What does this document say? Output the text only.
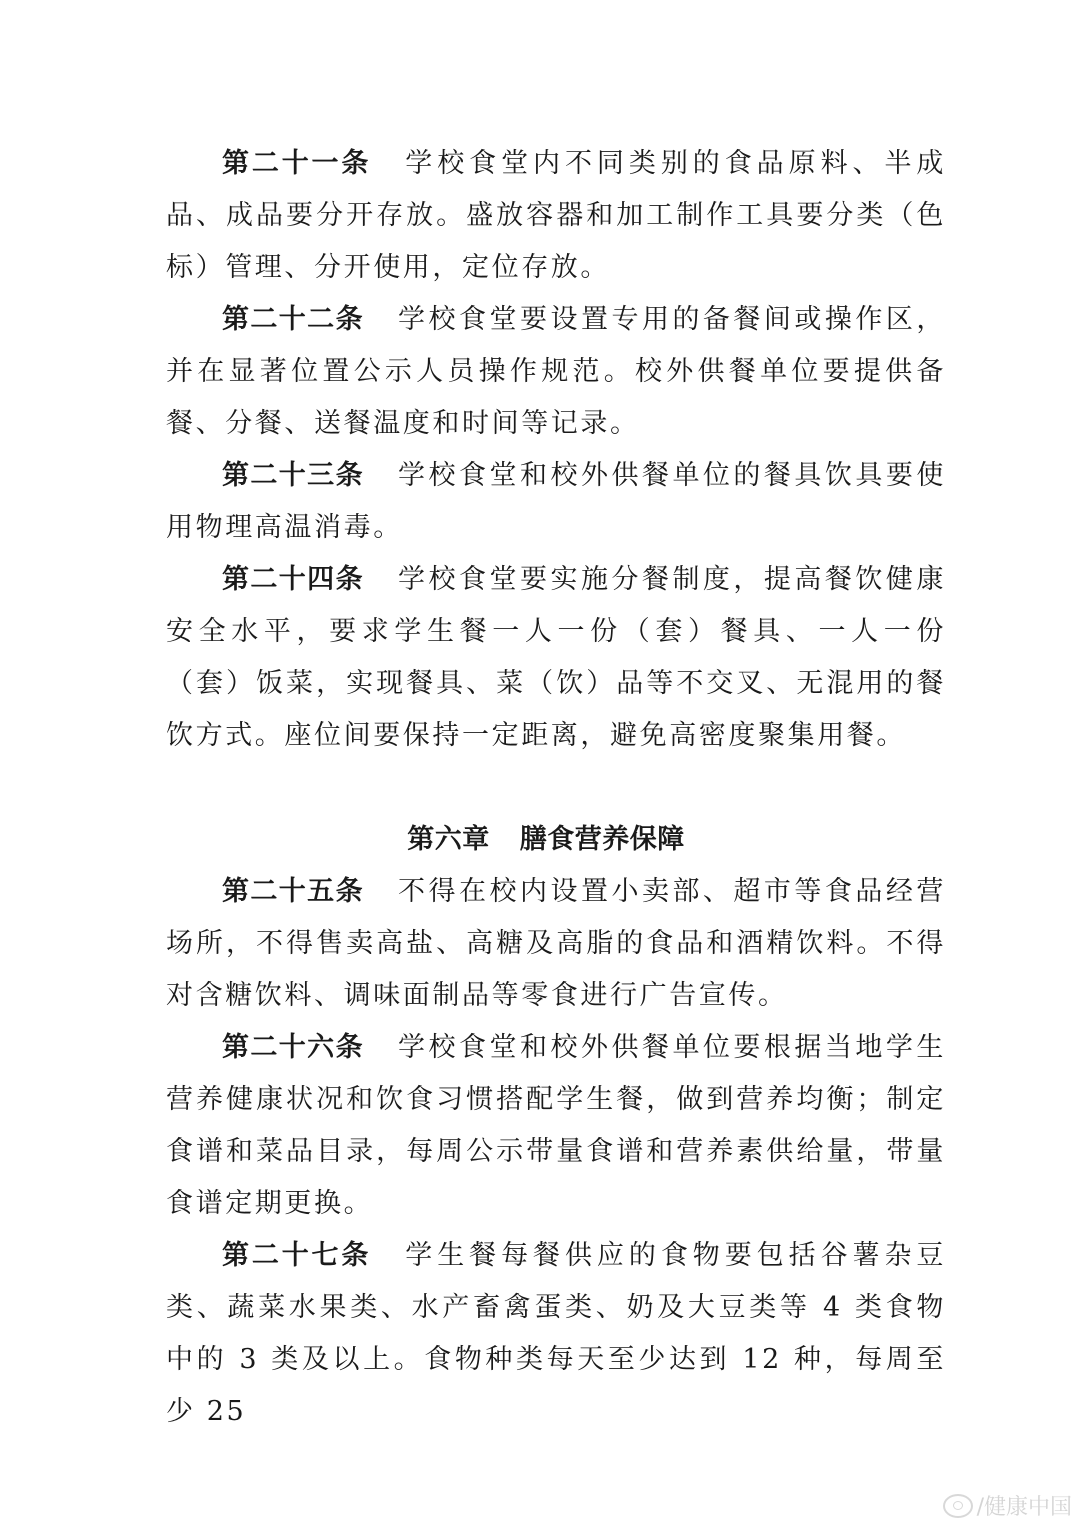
第二十一条 学校食堂内不同类别的食品原料、半成品、成品要分开存放。盛放容器和加工制作工具要分类（色标）管理、分开使用，定位存放。

第二十二条 学校食堂要设置专用的备餐间或操作区，并在显著位置公示人员操作规范。校外供餐单位要提供备餐、分餐、送餐温度和时间等记录。

第二十三条 学校食堂和校外供餐单位的餐具饮具要使用物理高温消毒。

第二十四条 学校食堂要实施分餐制度，提高餐饮健康安全水平，要求学生餐一人一份（套）餐具、一人一份（套）饭菜，实现餐具、菜（饮）品等不交叉、无混用的餐饮方式。座位间要保持一定距离，避免高密度聚集用餐。

第六章 膳食营养保障

第二十五条 不得在校内设置小卖部、超市等食品经营场所，不得售卖高盐、高糖及高脂的食品和酒精饮料。不得对含糖饮料、调味面制品等零食进行广告宣传。

第二十六条 学校食堂和校外供餐单位要根据当地学生营养健康状况和饮食习惯搭配学生餐，做到营养均衡；制定食谱和菜品目录，每周公示带量食谱和营养素供给量，带量食谱定期更换。

第二十七条 学生餐每餐供应的食物要包括谷薯杂豆类、蔬菜水果类、水产畜禽蛋类、奶及大豆类等 4 类食物中的 3 类及以上。食物种类每天至少达到 12 种，每周至少 25

/健康中国
